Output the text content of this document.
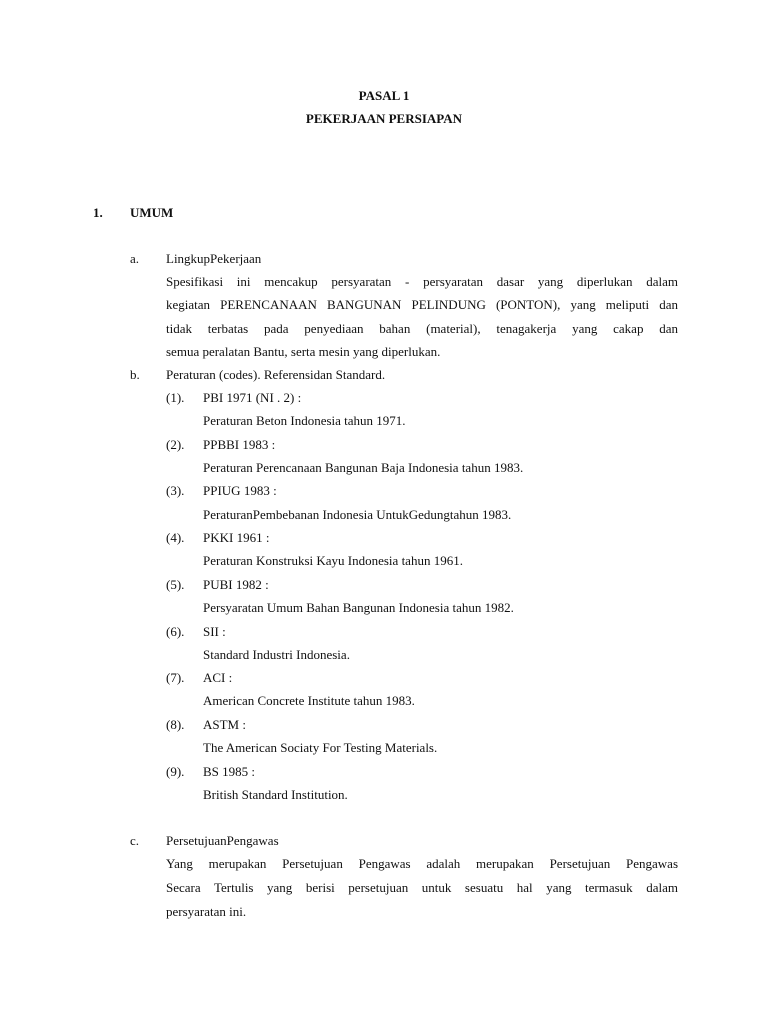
PASAL 1
PEKERJAAN PERSIAPAN
1. UMUM
a. LingkupPekerjaan
Spesifikasi ini mencakup persyaratan - persyaratan dasar yang diperlukan dalam
kegiatan PERENCANAAN BANGUNAN PELINDUNG (PONTON), yang meliputi dan
tidak terbatas pada penyediaan bahan (material), tenagakerja yang cakap dan
semua peralatan Bantu, serta mesin yang diperlukan.
b. Peraturan (codes). Referensidan Standard.
(1). PBI 1971 (NI . 2) :
Peraturan Beton Indonesia tahun 1971.
(2). PPBBI 1983 :
Peraturan Perencanaan Bangunan Baja Indonesia tahun 1983.
(3). PPIUG 1983 :
PeraturanPembebanan Indonesia UntukGedungtahun 1983.
(4). PKKI 1961 :
Peraturan Konstruksi Kayu Indonesia tahun 1961.
(5). PUBI 1982 :
Persyaratan Umum Bahan Bangunan Indonesia tahun 1982.
(6). SII :
Standard Industri Indonesia.
(7). ACI :
American Concrete Institute tahun 1983.
(8). ASTM :
The American Sociaty For Testing Materials.
(9). BS 1985 :
British Standard Institution.
c. PersetujuanPengawas
Yang merupakan Persetujuan Pengawas adalah merupakan Persetujuan Pengawas
Secara Tertulis yang berisi persetujuan untuk sesuatu hal yang termasuk dalam
persyaratan ini.
